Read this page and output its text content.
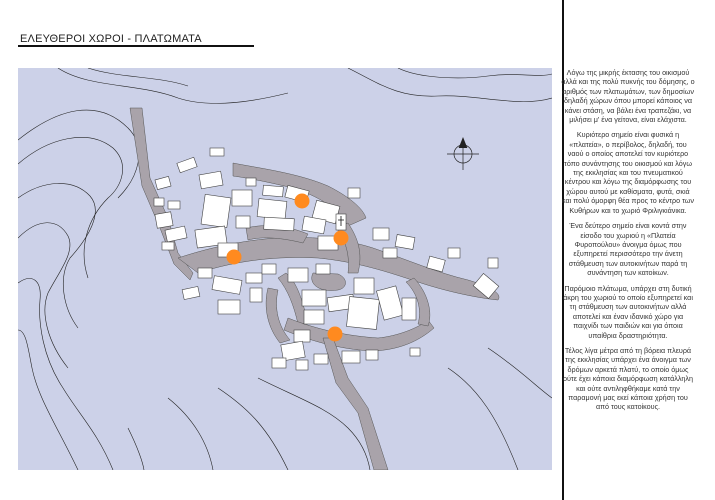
ΕΛΕΥΘΕΡΟΙ ΧΩΡΟΙ - ΠΛΑΤΩΜΑΤΑ

Λόγω της μικρής έκτασης του οικισμού αλλά και της πολύ πυκνής του δόμησης, ο αριθμός των πλατωμάτων, των δημοσίων δηλαδή χώρων όπου μπορεί κάποιος να κάνει στάση, να βάλει ένα τραπεζάκι, να μιλήσει μ' ένα γείτονα, είναι ελάχιστα.

Κυριότερο σημείο είναι φυσικά η «πλατεία», ο περίβολος, δηλαδή, του ναού ο οποίος αποτελεί τον κυριότερο τόπο συνάντησης του οικισμού και λόγω της εκκλησίας και του πνευματικού κέντρου και λόγω της διαμόρφωσης του χώρου αυτού με καθίσματα, φυτά, σκιά και πολύ όμορφη θέα προς το κέντρο των Κυθήρων και το χωριό Φριλιγκιάνικα.

Ένα δεύτερο σημείο είναι κοντά στην είσοδο του χωριού η «Πλατεία Φυροπούλου» άνοιγμα όμως που εξυπηρετεί περισσότερο την άνετη στάθμευση των αυτοκινήτων παρά τη συνάντηση των κατοίκων.

Παρόμοιο πλάτωμα, υπάρχει στη δυτική άκρη του χωριού το οποίο εξυπηρετεί και τη στάθμευση των αυτοκινήτων αλλά αποτελεί και έναν ιδανικό χώρο για παιχνίδι των παιδιών και για όποια υπαίθρια δραστηριότητα.

Τέλος λίγα μέτρα από τη βόρεια πλευρά της εκκλησίας υπάρχει ένα άνοιγμα των δρόμων αρκετά πλατύ, το οποίο όμως ούτε έχει κάποια διαμόρφωση κατάλληλη και ούτε αντιληφθήκαμε κατά την παραμονή μας εκεί κάποια χρήση του από τους κατοίκους.
